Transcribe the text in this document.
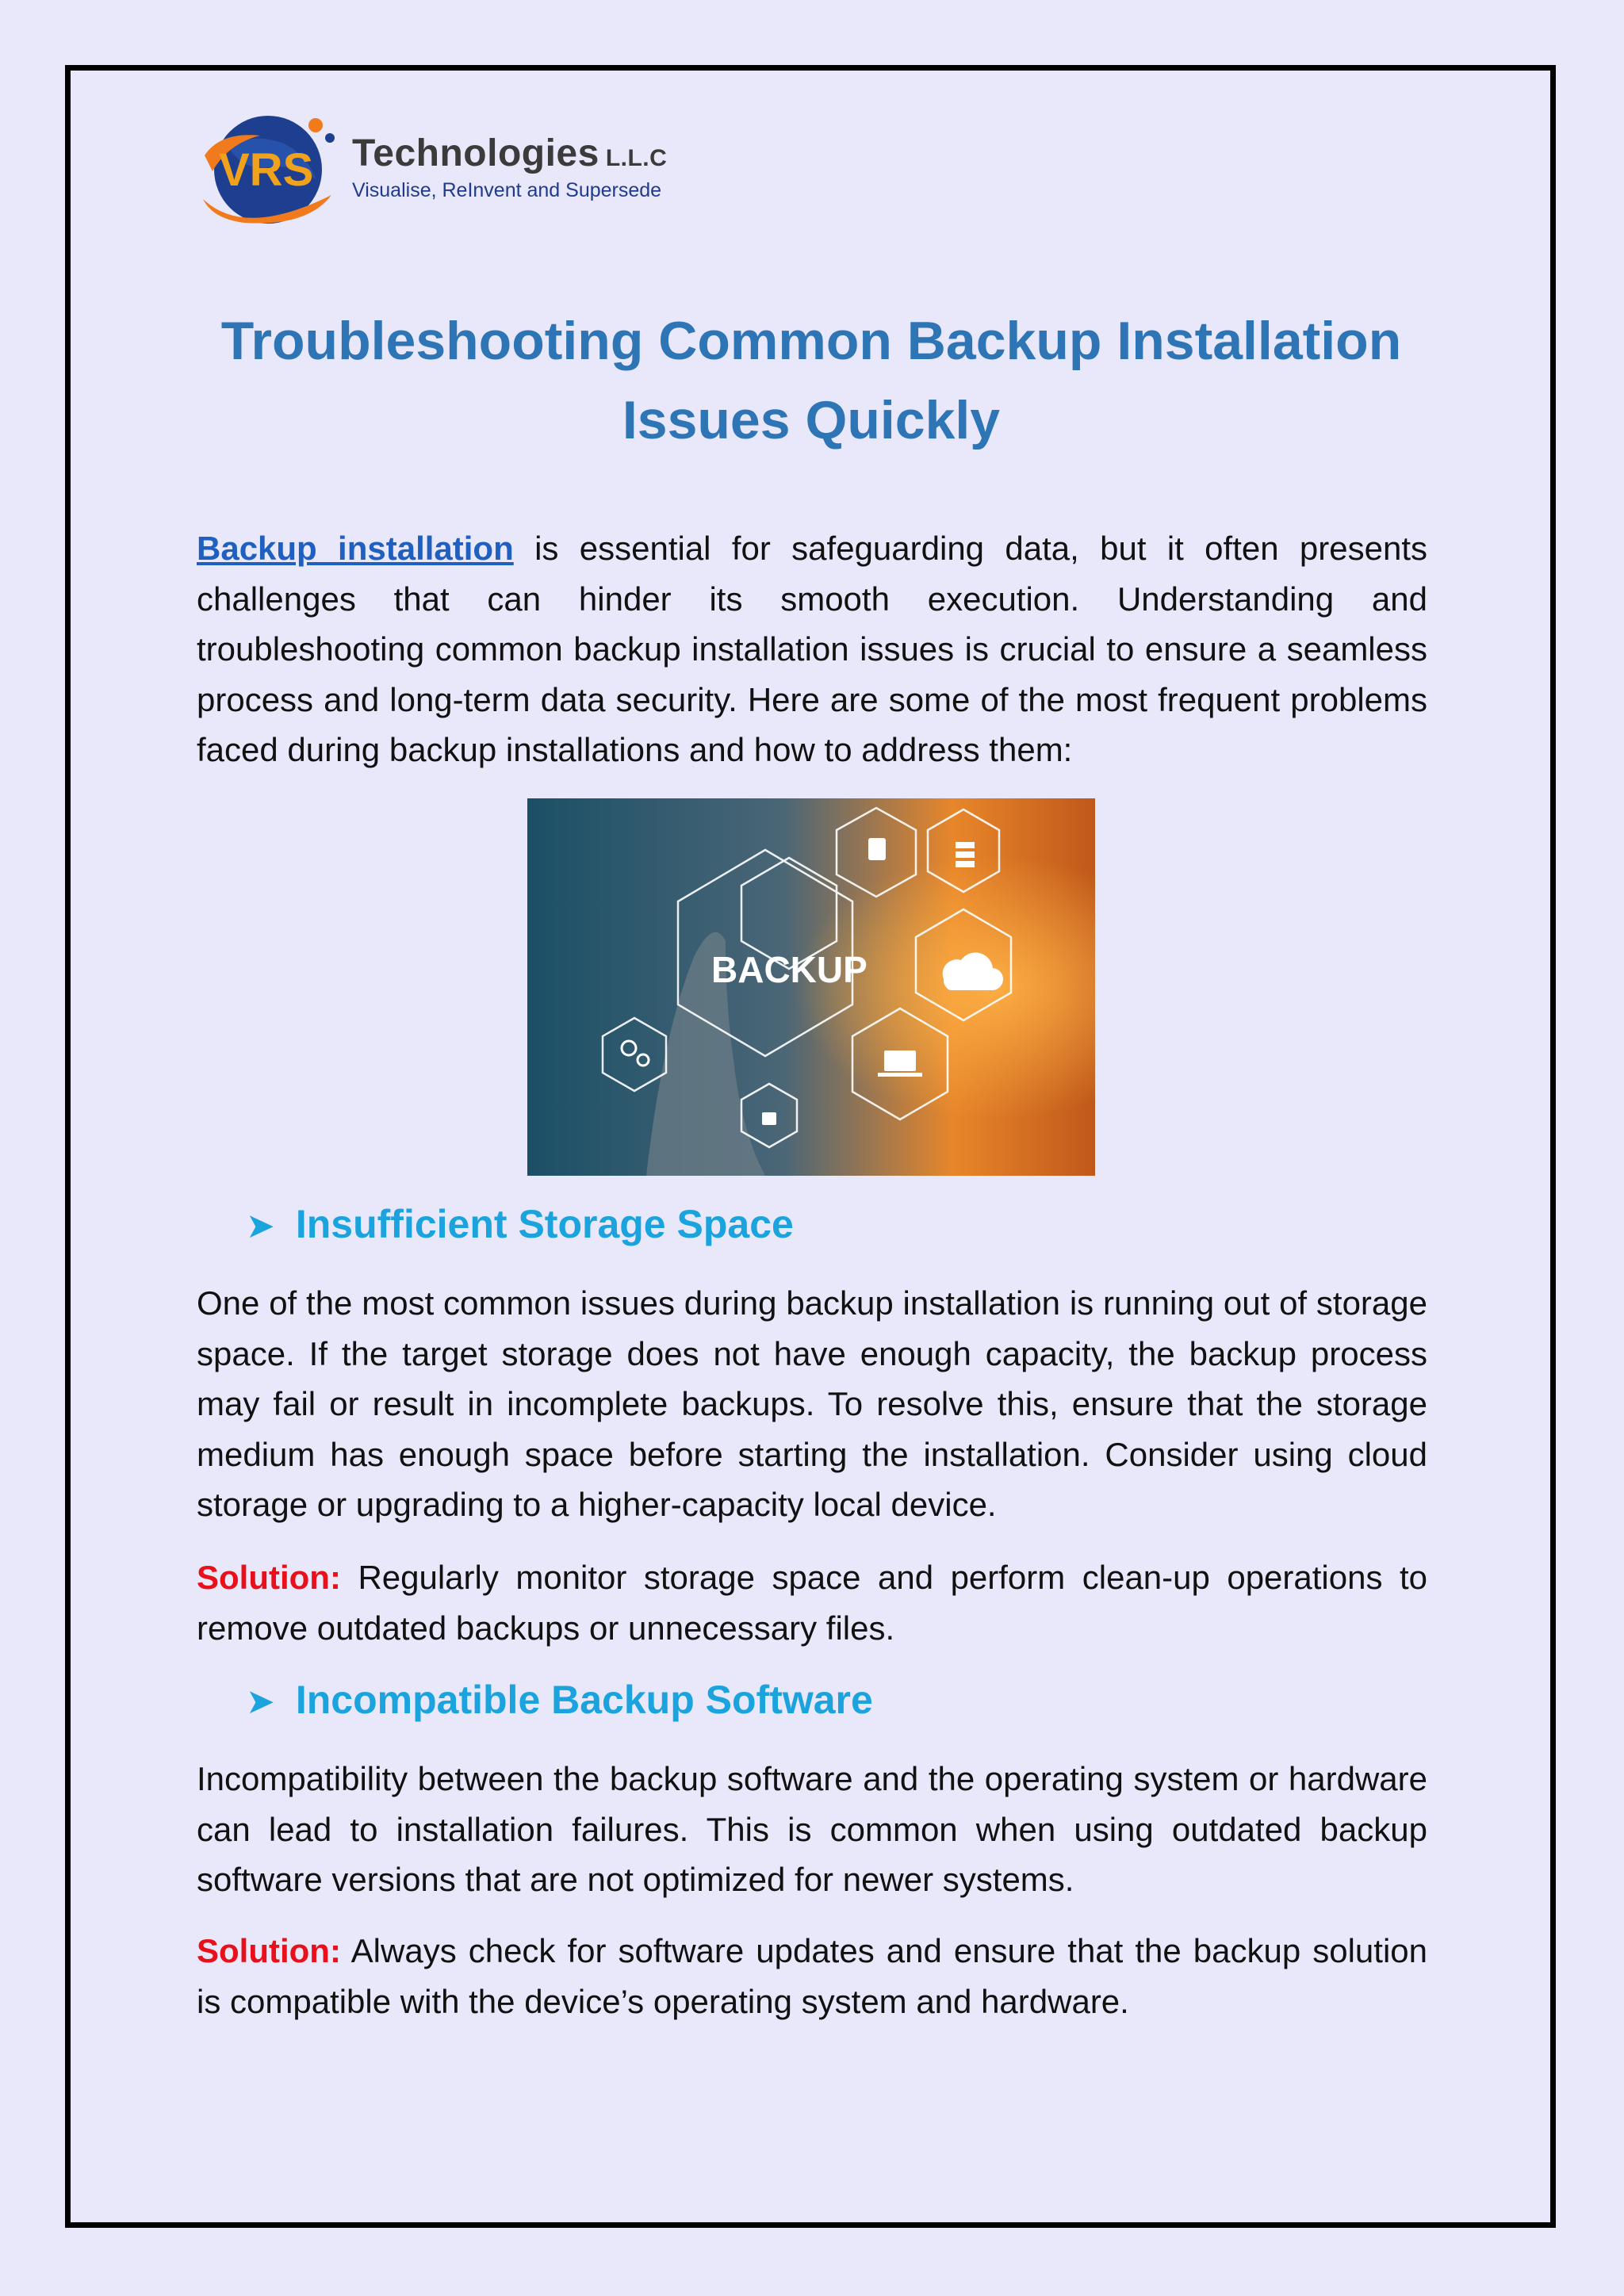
VRS Technologies L.L.C
Visualise, ReInvent and Supersede
Troubleshooting Common Backup Installation Issues Quickly

Backup installation is essential for safeguarding data, but it often presents challenges that can hinder its smooth execution. Understanding and troubleshooting common backup installation issues is crucial to ensure a seamless process and long-term data security. Here are some of the most frequent problems faced during backup installations and how to address them:

BACKUP
➤ Insufficient Storage Space

One of the most common issues during backup installation is running out of storage space. If the target storage does not have enough capacity, the backup process may fail or result in incomplete backups. To resolve this, ensure that the storage medium has enough space before starting the installation. Consider using cloud storage or upgrading to a higher-capacity local device.

Solution: Regularly monitor storage space and perform clean-up operations to remove outdated backups or unnecessary files.

➤ Incompatible Backup Software

Incompatibility between the backup software and the operating system or hardware can lead to installation failures. This is common when using outdated backup software versions that are not optimized for newer systems.

Solution: Always check for software updates and ensure that the backup solution is compatible with the device’s operating system and hardware.
